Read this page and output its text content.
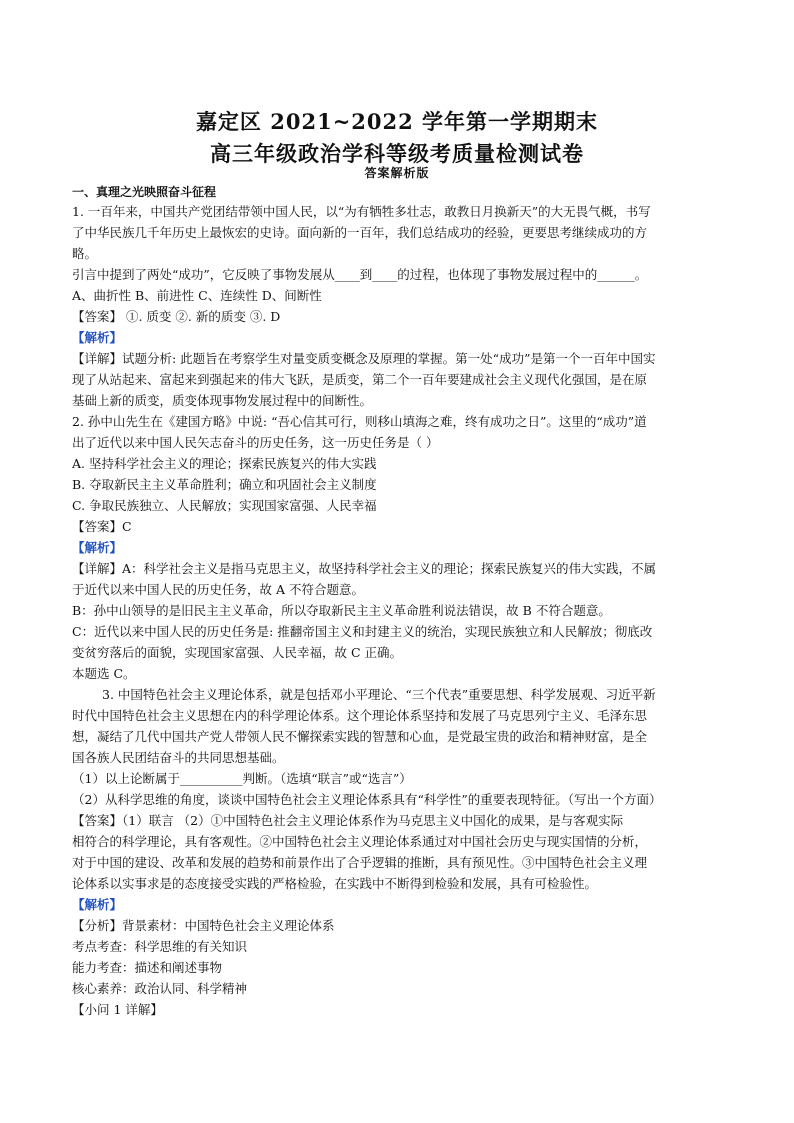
嘉定区 2021~2022 学年第一学期期末
高三年级政治学科等级考质量检测试卷
答案解析版
一、真理之光映照奋斗征程
1. 一百年来，中国共产党团结带领中国人民，以“为有牺牲多壮志，敢教日月换新天”的大无畏气概，书写
了中华民族几千年历史上最恢宏的史诗。面向新的一百年，我们总结成功的经验，更要思考继续成功的方
略。
引言中提到了两处“成功”，它反映了事物发展从____到____的过程，也体现了事物发展过程中的______。
A、曲折性 B、前进性 C、连续性 D、间断性
【答案】 ①. 质变 ②. 新的质变 ③. D
【解析】
【详解】试题分析: 此题旨在考察学生对量变质变概念及原理的掌握。第一处“成功”是第一个一百年中国实
现了从站起来、富起来到强起来的伟大飞跃，是质变，第二个一百年要建成社会主义现代化强国，是在原
基础上新的质变，质变体现事物发展过程中的间断性。
2. 孙中山先生在《建国方略》中说: “吾心信其可行，则移山填海之难，终有成功之日”。这里的“成功”道
出了近代以来中国人民矢志奋斗的历史任务，这一历史任务是（ ）
A. 坚持科学社会主义的理论；探索民族复兴的伟大实践
B. 夺取新民主主义革命胜利；确立和巩固社会主义制度
C. 争取民族独立、人民解放；实现国家富强、人民幸福
【答案】C
【解析】
【详解】A：科学社会主义是指马克思主义，故坚持科学社会主义的理论；探索民族复兴的伟大实践，不属
于近代以来中国人民的历史任务，故 A 不符合题意。
B：孙中山领导的是旧民主主义革命，所以夺取新民主主义革命胜利说法错误，故 B 不符合题意。
C：近代以来中国人民的历史任务是: 推翻帝国主义和封建主义的统治，实现民族独立和人民解放；彻底改
变贫穷落后的面貌，实现国家富强、人民幸福，故 C 正确。
本题选 C。
3. 中国特色社会主义理论体系，就是包括邓小平理论、“三个代表”重要思想、科学发展观、习近平新
时代中国特色社会主义思想在内的科学理论体系。这个理论体系坚持和发展了马克思列宁主义、毛泽东思
想，凝结了几代中国共产党人带领人民不懈探索实践的智慧和心血，是党最宝贵的政治和精神财富，是全
国各族人民团结奋斗的共同思想基础。
（1）以上论断属于__________判断。（选填“联言”或“选言”）
（2）从科学思维的角度，谈谈中国特色社会主义理论体系具有“科学性”的重要表现特征。（写出一个方面）
【答案】（1）联言 （2）①中国特色社会主义理论体系作为马克思主义中国化的成果，是与客观实际
相符合的科学理论，具有客观性。②中国特色社会主义理论体系通过对中国社会历史与现实国情的分析，
对于中国的建设、改革和发展的趋势和前景作出了合乎逻辑的推断，具有预见性。③中国特色社会主义理
论体系以实事求是的态度接受实践的严格检验，在实践中不断得到检验和发展，具有可检验性。
【解析】
【分析】背景素材：中国特色社会主义理论体系
考点考查：科学思维的有关知识
能力考查：描述和阐述事物
核心素养：政治认同、科学精神
【小问 1 详解】
